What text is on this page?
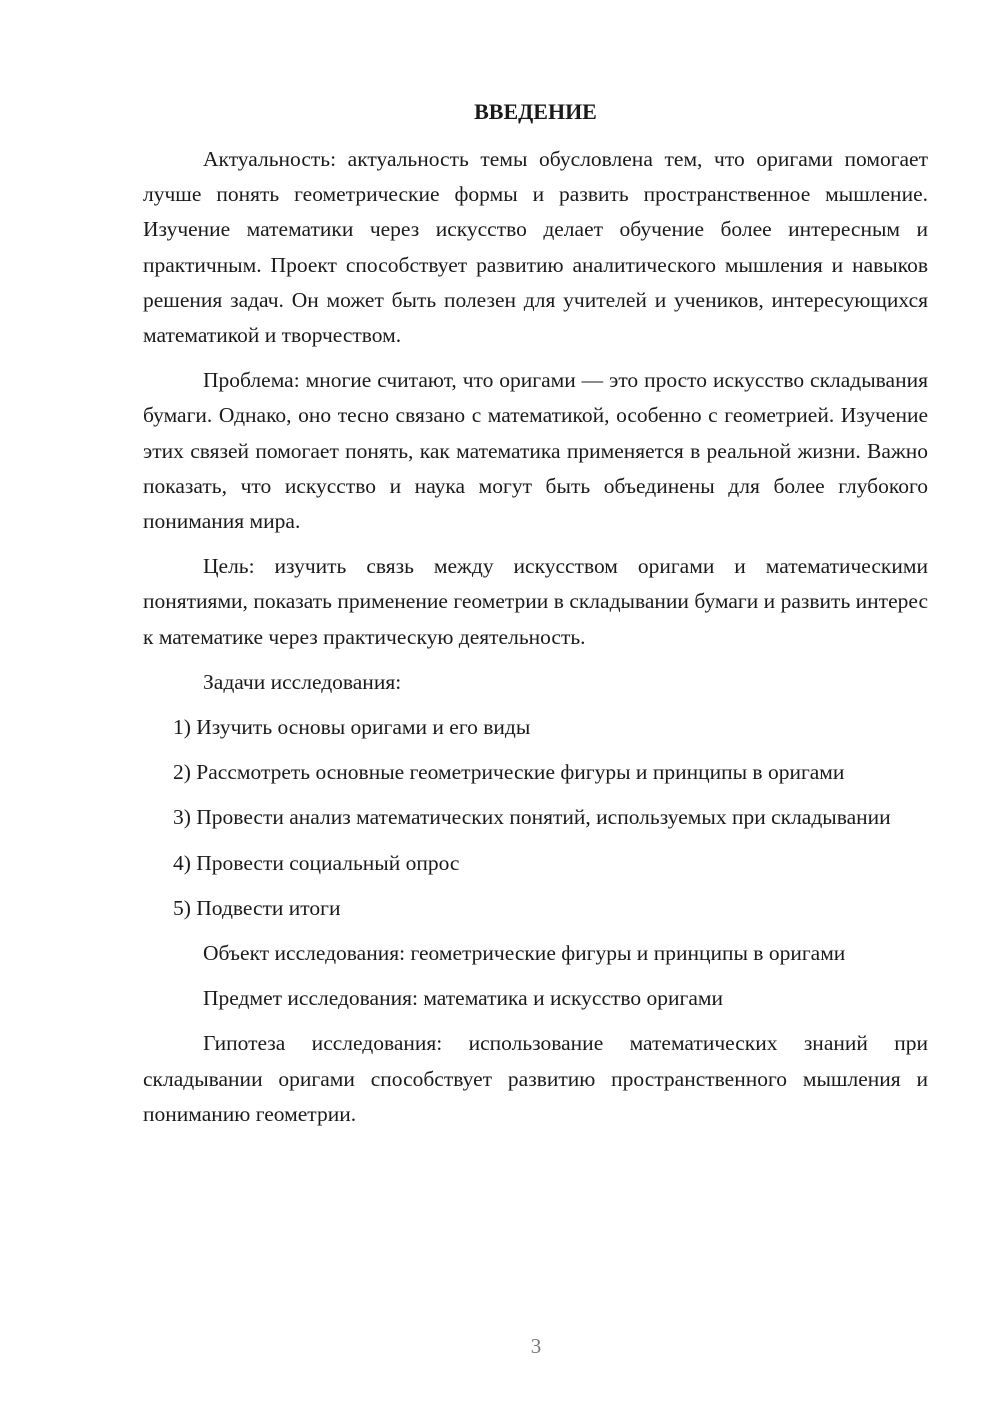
ВВЕДЕНИЕ

Актуальность: актуальность темы обусловлена тем, что оригами помогает лучше понять геометрические формы и развить пространственное мышление. Изучение математики через искусство делает обучение более интересным и практичным. Проект способствует развитию аналитического мышления и навыков решения задач. Он может быть полезен для учителей и учеников, интересующихся математикой и творчеством.

Проблема: многие считают, что оригами — это просто искусство складывания бумаги. Однако, оно тесно связано с математикой, особенно с геометрией. Изучение этих связей помогает понять, как математика применяется в реальной жизни. Важно показать, что искусство и наука могут быть объединены для более глубокого понимания мира.

Цель: изучить связь между искусством оригами и математическими понятиями, показать применение геометрии в складывании бумаги и развить интерес к математике через практическую деятельность.

Задачи исследования:

1) Изучить основы оригами и его виды

2) Рассмотреть основные геометрические фигуры и принципы в оригами

3) Провести анализ математических понятий, используемых при складывании

4) Провести социальный опрос

5) Подвести итоги

Объект исследования: геометрические фигуры и принципы в оригами

Предмет исследования: математика и искусство оригами

Гипотеза исследования: использование математических знаний при складывании оригами способствует развитию пространственного мышления и пониманию геометрии.

3
